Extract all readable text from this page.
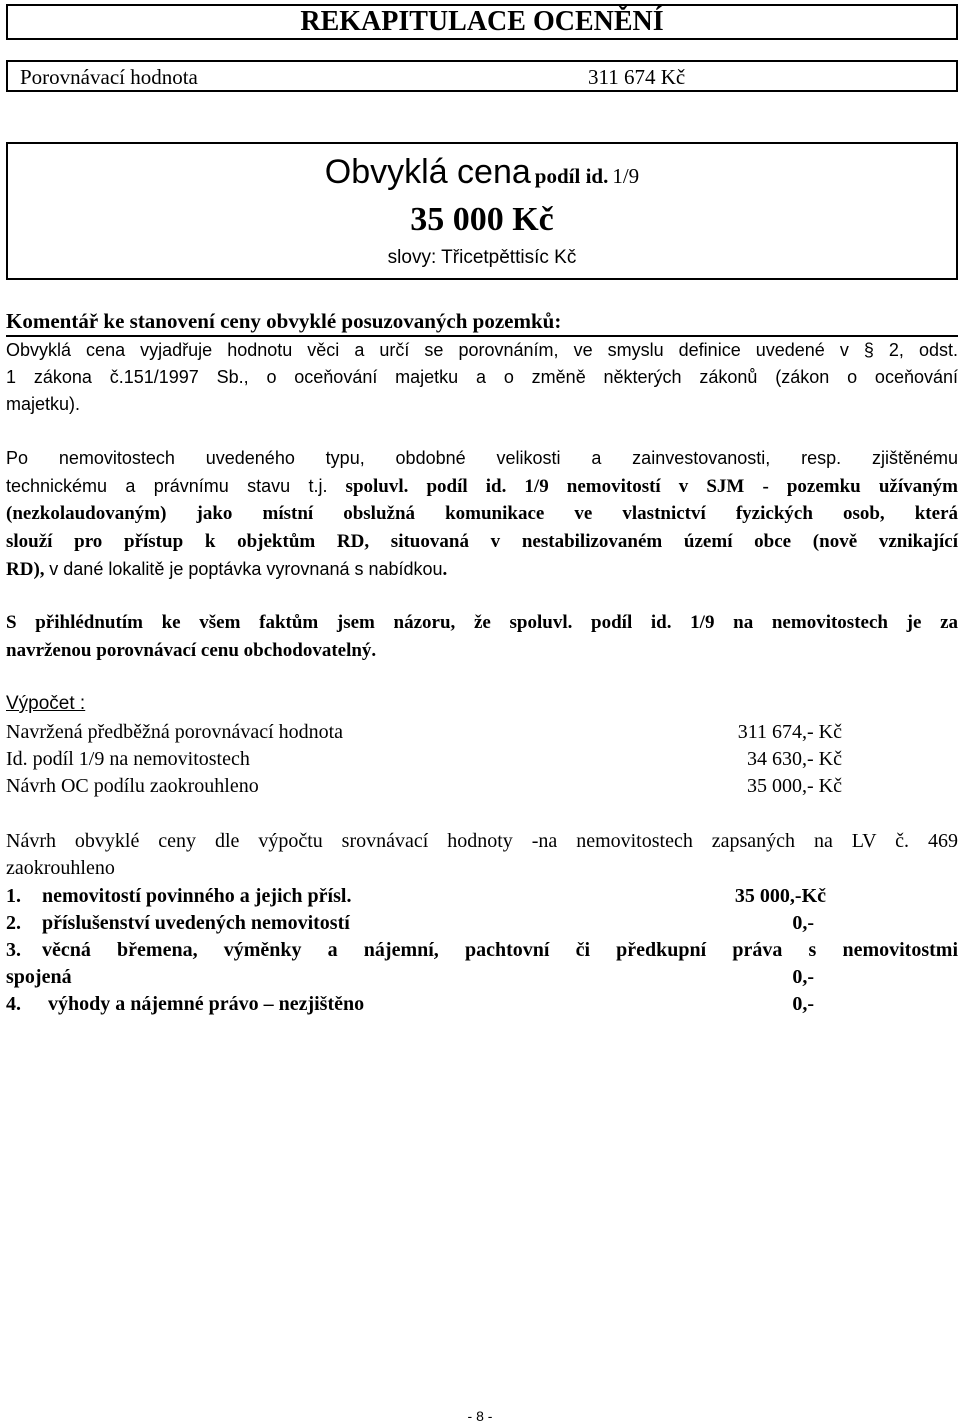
REKAPITULACE OCENĚNÍ
Porovnávací hodnota	311 674 Kč
Obvyklá cena podíl id. 1/9
35 000 Kč
slovy: Třicetpěttisíc Kč
Komentář ke stanovení ceny obvyklé posuzovaných pozemků:
Obvyklá cena vyjadřuje hodnotu věci a určí se porovnáním, ve smyslu definice uvedené v § 2, odst.
1 zákona č.151/1997 Sb., o oceňování majetku a o změně některých zákonů (zákon o oceňování
majetku).
Po nemovitostech uvedeného typu, obdobné velikosti a zainvestovanosti, resp. zjištěnému
technickému a právnímu stavu t.j. spoluvl. podíl id. 1/9 nemovitostí v SJM - pozemku užívaným
(nezkolaudovaným) jako místní obslužná komunikace ve vlastnictví fyzických osob, která
slouží pro přístup k objektům RD, situovaná v nestabilizovaném území obce (nově vznikající
RD), v dané lokalitě je poptávka vyrovnaná s nabídkou.
S přihlédnutím ke všem faktům jsem názoru, že spoluvl. podíl id. 1/9 na nemovitostech je za
navrženou porovnávací cenu obchodovatelný.
Výpočet :
Navržená předběžná porovnávací hodnota	311 674,- Kč
Id. podíl 1/9 na nemovitostech	34 630,- Kč
Návrh OC podílu zaokrouhleno	35 000,- Kč
Návrh obvyklé ceny dle výpočtu srovnávací hodnoty -na nemovitostech zapsaných na LV č. 469
zaokrouhleno
1. nemovitostí povinného a jejich přísl.	35 000,-Kč
2. příslušenství uvedených nemovitostí	0,-
3. věcná břemena, výměnky a nájemní, pachtovní či předkupní práva s nemovitostmi
spojená	0,-
4. výhody a nájemné právo – nezjištěno	0,-
- 8 -
